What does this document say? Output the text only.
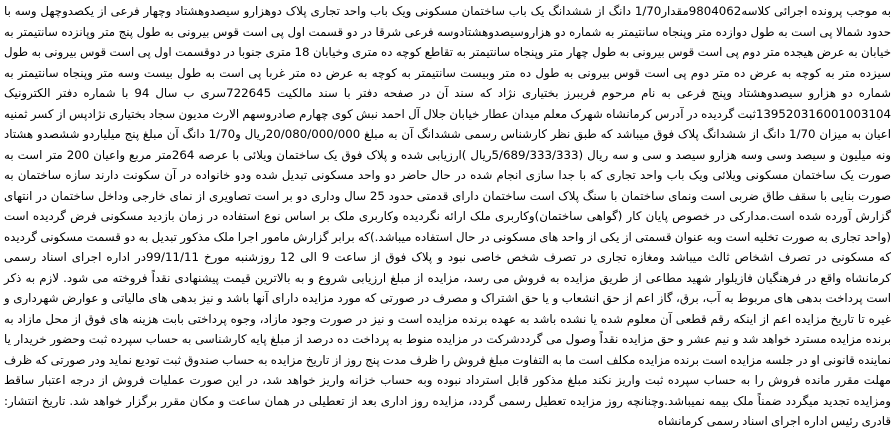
به موجب پرونده اجرائی کلاسه9804062مقدار1/70 دانگ از ششدانگ یک باب ساختمان مسکونی ویک باب واحد تجاری پلاک دوهزارو سیصدوهشتاد وچهار فرعی از یکصدوچهل وسه با حدود شمالا پی است به طول دوازده متر وپنجاه سانتیمتر به شماره دو هزاروسیصدوهشتادوسه فرعی شرقا در دو قسمت اول پی است قوس بیرونی به طول پنج متر وپانزده سانتیمتر به خیابان به عرض هیجده متر دوم پی است قوس بیرونی به طول چهار متر وپنجاه سانتیمتر به تقاطع کوچه ده متری وخیابان 18 متری جنوبا در دوقسمت اول پی است قوس بیرونی به طول سیزده متر به کوچه به عرض ده متر دوم پی است قوس بیرونی به طول ده متر وبیست سانتیمتر به کوچه به عرض ده متر غربا پی است به طول بیست وسه متر وپنجاه سانتیمتر به شماره دو هزارو سیصدوهشتاد وپنج فرعی به نام مرحوم فریبرز بختیاری نژاد که سند آن در صفحه دفتر با سند مالکیت 722645سری ب سال 94 با شماره دفتر الکترونیک 139520316001003104ثبت گردیده در آدرس کرمانشاه شهرک معلم میدان عطار خیابان جلال آل احمد نبش کوی چهارم صادروسهم الارث مدیون سجاد بختیاری نژادپس از کسر ثمنیه اعیان به میزان 1/70 دانگ از ششدانگ پلاک فوق میباشد که طبق نظر کارشناس رسمی ششدانگ آن به مبلغ 20/080/000/000ریال و1/70 دانگ آن مبلغ پنج میلیاردو ششصدو هشتاد ونه میلیون و سیصد وسی وسه هزارو سیصد و سی و سه ریال (5/689/333/333ریال )ارزیابی شده و پلاک فوق یک ساختمان ویلائی با عرصه 264متر مربع واعیان 200 متر است به صورت یک ساختمان مسکونی ویلائی ویک باب واحد تجاری که با جدا سازی انجام شده در حال حاضر دو واحد مسکونی تبدیل شده ودو خانواده در آن سکونت دارند سازه ساختمان به صورت بنایی با سقف طاق ضربی است ونمای ساختمان با سنگ پلاک است ساختمان دارای قدمتی حدود 25 سال وداری دو بر است تصاویری از نمای خارجی وداخل ساختمان در انتهای گزارش آورده شده است.مدارکی در خصوص پایان کار (گواهی ساختمان)وکاربری ملک ارائه نگردیده وکاربری ملک بر اساس نوع استفاده در زمان بازدید مسکونی فرض گردیده است (واحد تجاری به صورت تخلیه است وبه عنوان قسمتی از یکی از واحد های مسکونی در حال استفاده میباشد.)که برابر گزارش مامور اجرا ملک مذکور تبدیل به دو قسمت مسکونی گردیده که مسکونی در تصرف اشخاص ثالث میباشد ومغازه تجاری در تصرف شخص خاصی نبود و پلاک فوق از ساعت 9 الی 12 روزشنبه مورخ 99/11/11در اداره اجرای اسناد رسمی کرمانشاه واقع در فرهنگیان فازیلوار شهید مطاعی از طریق مزایده به فروش می رسد، مزایده از مبلغ ارزیابی شروع و به بالاترین قیمت پیشنهادی نقداً فروخته می شود. لازم به ذکر است پرداخت بدهی های مربوط به آب، برق، گاز اعم از حق انشعاب و یا حق اشتراک و مصرف در صورتی که مورد مزایده دارای آنها باشد و نیز بدهی های مالیاتی و عوارض شهرداری و غیره تا تاریخ مزایده اعم از اینکه رقم قطعی آن معلوم شده یا نشده باشد به عهده برنده مزایده است و نیز در صورت وجود مازاد، وجوه پرداختی بابت هزینه های فوق از محل مازاد به برنده مزایده مسترد خواهد شد و نیم عشر و حق مزایده نقداً وصول می گرددشرکت در مزایده منوط به پرداخت ده درصد از مبلغ پایه کارشناسی به حساب سپرده ثبت وحضور خریدار یا نماینده قانونی او در جلسه مزایده است برنده مزایده مکلف است ما به التفاوت مبلغ فروش را ظرف مدت پنج روز از تاریخ مزایده به حساب صندوق ثبت تودیع نماید ودر صورتی که ظرف مهلت مقرر مانده فروش را به حساب سپرده ثبت واریز نکند مبلغ مذکور قابل استرداد نبوده وبه حساب خزانه واریز خواهد شد، در این صورت عملیات فروش از درجه اعتبار ساقط ومزایده تجدید میگردد ضمناً ملک بیمه نمیباشد.وچنانچه روز مزایده تعطیل رسمی گردد، مزایده روز اداری بعد از تعطیلی در همان ساعت و مکان مقرر برگزار خواهد شد. تاریخ انتشار: قادری رئیس اداره اجرای اسناد رسمی کرمانشاه
